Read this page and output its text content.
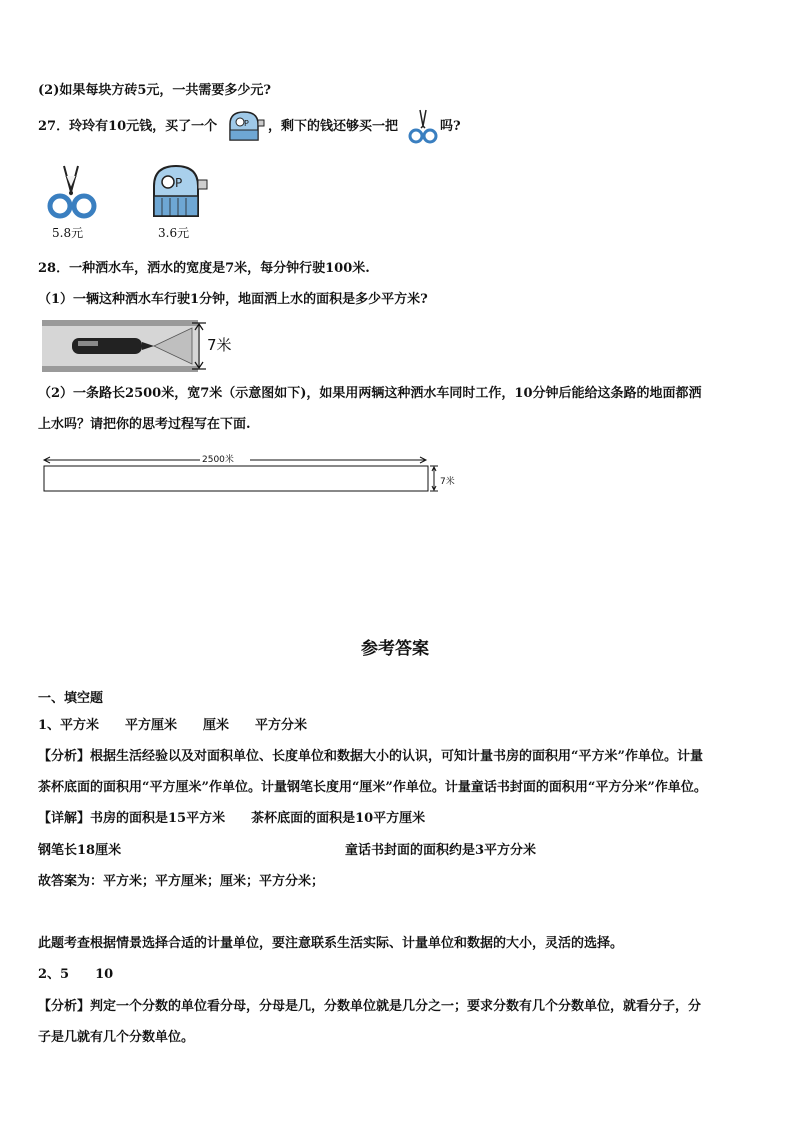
(2)如果每块方砖5元，一共需要多少元?
27．玲玲有10元钱，买了一个	P ，剩下的钱还够买一把	吗?
5.8元
P
3.6元
28．一种洒水车，洒水的宽度是7米，每分钟行驶100米.
（1）一辆这种洒水车行驶1分钟，地面洒上水的面积是多少平方米?
7米
（2）一条路长2500米，宽7米（示意图如下)，如果用两辆这种洒水车同时工作，10分钟后能给这条路的地面都洒
上水吗？请把你的思考过程写在下面.
2500米
7米
参考答案
一、填空题
1、平方米　　平方厘米　　厘米　　平方分米
【分析】根据生活经验以及对面积单位、长度单位和数据大小的认识，可知计量书房的面积用“平方米”作单位。计量
茶杯底面的面积用“平方厘米”作单位。计量钢笔长度用“厘米”作单位。计量童话书封面的面积用“平方分米”作单位。
【详解】书房的面积是15平方米　　茶杯底面的面积是10平方厘米
钢笔长18厘米	童话书封面的面积约是3平方分米
故答案为：平方米；平方厘米；厘米；平方分米；
此题考查根据情景选择合适的计量单位，要注意联系生活实际、计量单位和数据的大小，灵活的选择。
2、5　　10
【分析】判定一个分数的单位看分母，分母是几，分数单位就是几分之一；要求分数有几个分数单位，就看分子，分
子是几就有几个分数单位。
